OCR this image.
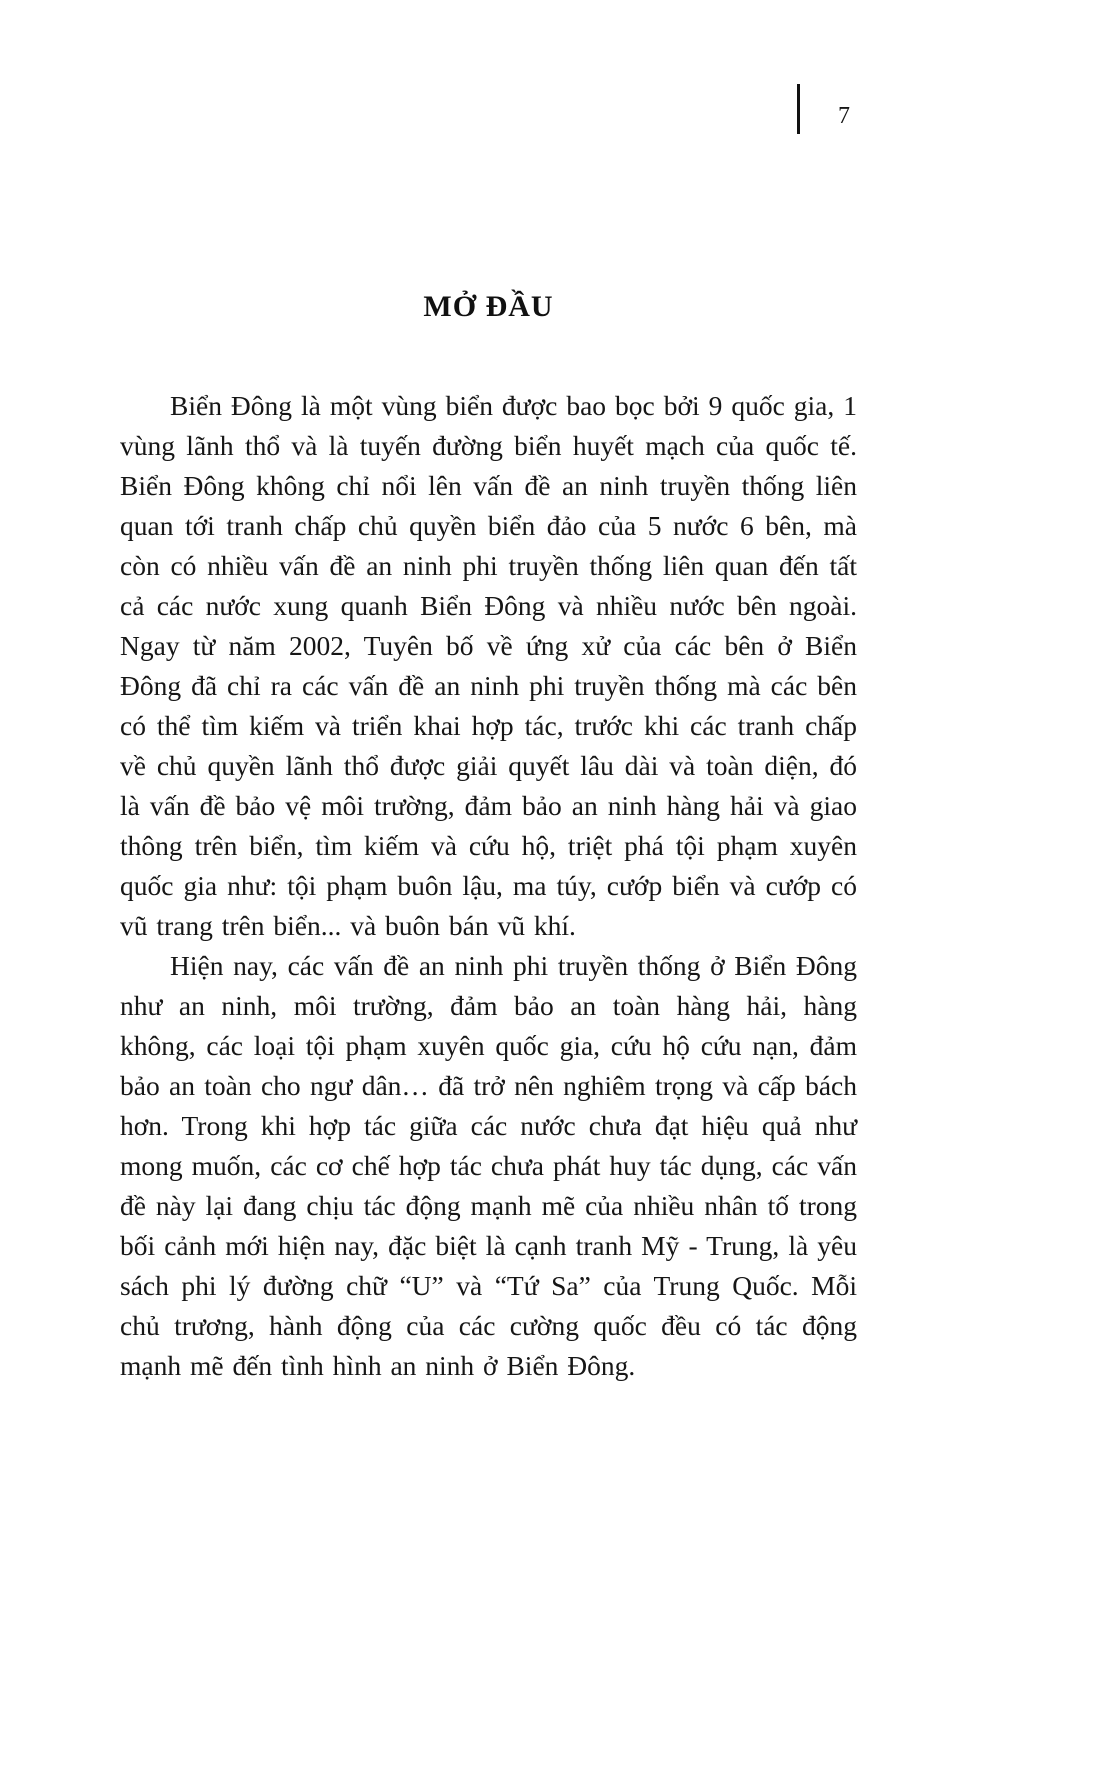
7
MỞ ĐẦU

Biển Đông là một vùng biển được bao bọc bởi 9 quốc gia, 1 vùng lãnh thổ và là tuyến đường biển huyết mạch của quốc tế. Biển Đông không chỉ nổi lên vấn đề an ninh truyền thống liên quan tới tranh chấp chủ quyền biển đảo của 5 nước 6 bên, mà còn có nhiều vấn đề an ninh phi truyền thống liên quan đến tất cả các nước xung quanh Biển Đông và nhiều nước bên ngoài. Ngay từ năm 2002, Tuyên bố về ứng xử của các bên ở Biển Đông đã chỉ ra các vấn đề an ninh phi truyền thống mà các bên có thể tìm kiếm và triển khai hợp tác, trước khi các tranh chấp về chủ quyền lãnh thổ được giải quyết lâu dài và toàn diện, đó là vấn đề bảo vệ môi trường, đảm bảo an ninh hàng hải và giao thông trên biển, tìm kiếm và cứu hộ, triệt phá tội phạm xuyên quốc gia như: tội phạm buôn lậu, ma túy, cướp biển và cướp có vũ trang trên biển... và buôn bán vũ khí.

Hiện nay, các vấn đề an ninh phi truyền thống ở Biển Đông như an ninh, môi trường, đảm bảo an toàn hàng hải, hàng không, các loại tội phạm xuyên quốc gia, cứu hộ cứu nạn, đảm bảo an toàn cho ngư dân… đã trở nên nghiêm trọng và cấp bách hơn. Trong khi hợp tác giữa các nước chưa đạt hiệu quả như mong muốn, các cơ chế hợp tác chưa phát huy tác dụng, các vấn đề này lại đang chịu tác động mạnh mẽ của nhiều nhân tố trong bối cảnh mới hiện nay, đặc biệt là cạnh tranh Mỹ - Trung, là yêu sách phi lý đường chữ “U” và “Tứ Sa” của Trung Quốc. Mỗi chủ trương, hành động của các cường quốc đều có tác động mạnh mẽ đến tình hình an ninh ở Biển Đông.
